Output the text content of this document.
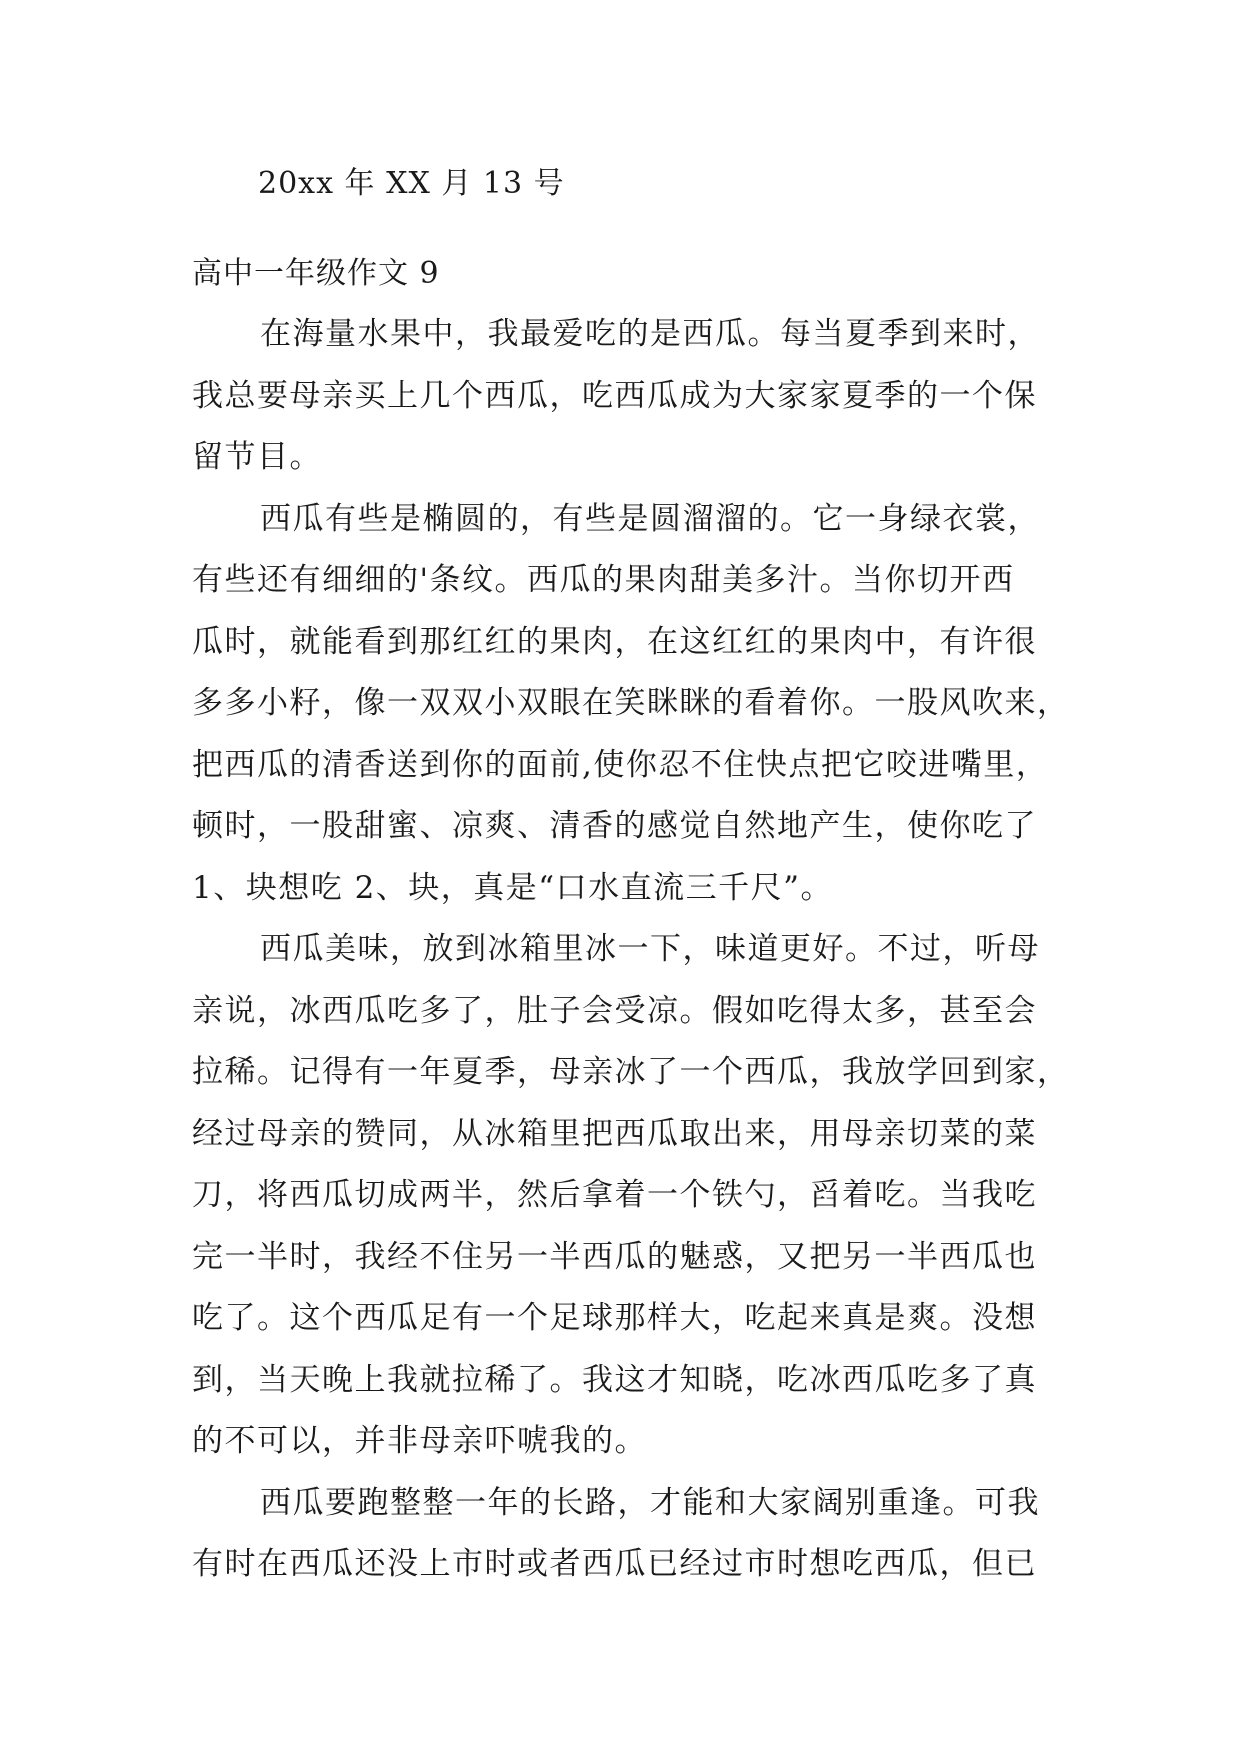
20xx 年 XX 月 13 号
高中一年级作文 9
在海量水果中，我最爱吃的是西瓜。每当夏季到来时，
我总要母亲买上几个西瓜，吃西瓜成为大家家夏季的一个保
留节目。
西瓜有些是椭圆的，有些是圆溜溜的。它一身绿衣裳，
有些还有细细的'条纹。西瓜的果肉甜美多汁。当你切开西
瓜时，就能看到那红红的果肉，在这红红的果肉中，有许很
多多小籽，像一双双小双眼在笑眯眯的看着你。一股风吹来，
把西瓜的清香送到你的面前,使你忍不住快点把它咬进嘴里，
顿时，一股甜蜜、凉爽、清香的感觉自然地产生，使你吃了
1、块想吃 2、块，真是“口水直流三千尺”。
西瓜美味，放到冰箱里冰一下，味道更好。不过，听母
亲说，冰西瓜吃多了，肚子会受凉。假如吃得太多，甚至会
拉稀。记得有一年夏季，母亲冰了一个西瓜，我放学回到家，
经过母亲的赞同，从冰箱里把西瓜取出来，用母亲切菜的菜
刀，将西瓜切成两半，然后拿着一个铁勺，舀着吃。当我吃
完一半时，我经不住另一半西瓜的魅惑，又把另一半西瓜也
吃了。这个西瓜足有一个足球那样大，吃起来真是爽。没想
到，当天晚上我就拉稀了。我这才知晓，吃冰西瓜吃多了真
的不可以，并非母亲吓唬我的。
西瓜要跑整整一年的长路，才能和大家阔别重逢。可我
有时在西瓜还没上市时或者西瓜已经过市时想吃西瓜，但已
